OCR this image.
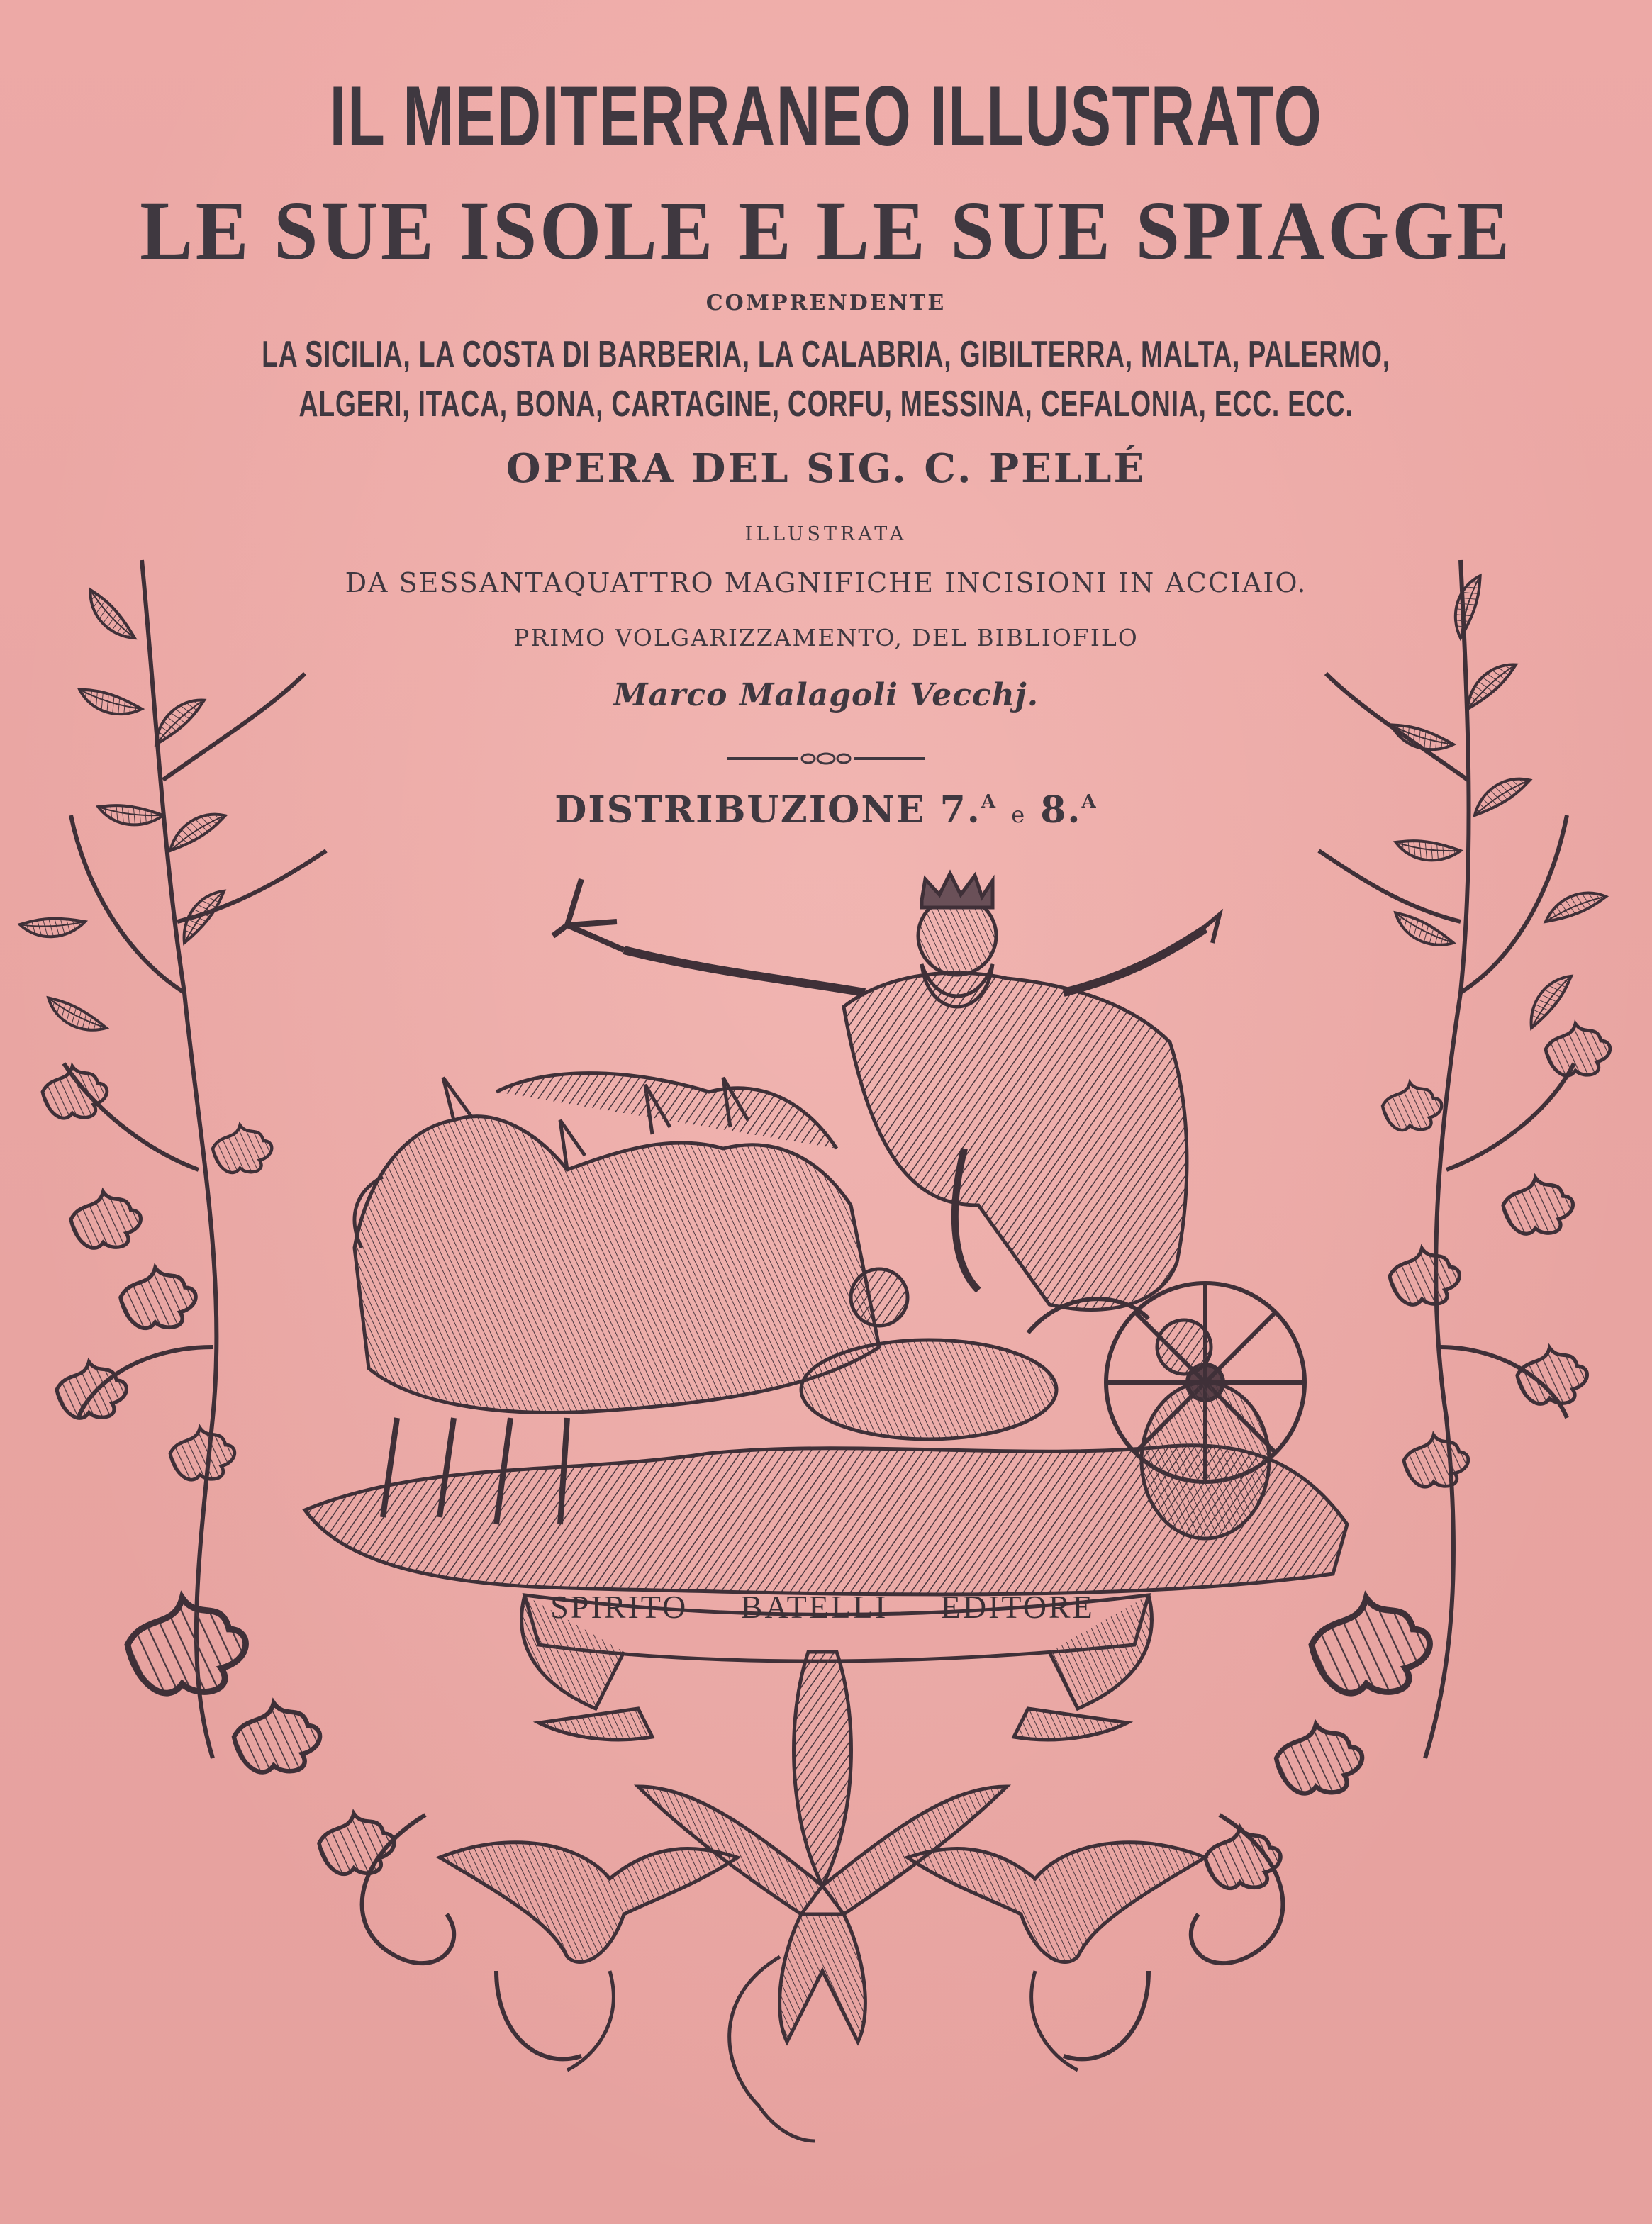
IL MEDITERRANEO ILLUSTRATO
LE SUE ISOLE E LE SUE SPIAGGE
COMPRENDENTE
LA SICILIA, LA COSTA DI BARBERIA, LA CALABRIA, GIBILTERRA, MALTA, PALERMO,
ALGERI, ITACA, BONA, CARTAGINE, CORFU, MESSINA, CEFALONIA, ECC. ECC.
OPERA DEL SIG. C. PELLÉ
ILLUSTRATA
DA SESSANTAQUATTRO MAGNIFICHE INCISIONI IN ACCIAIO.
PRIMO VOLGARIZZAMENTO, DEL BIBLIOFILO
Marco Malagoli Vecchj.
DISTRIBUZIONE 7.$^A$ e 8.$^A$
SPIRITO BATELLI EDITORE
